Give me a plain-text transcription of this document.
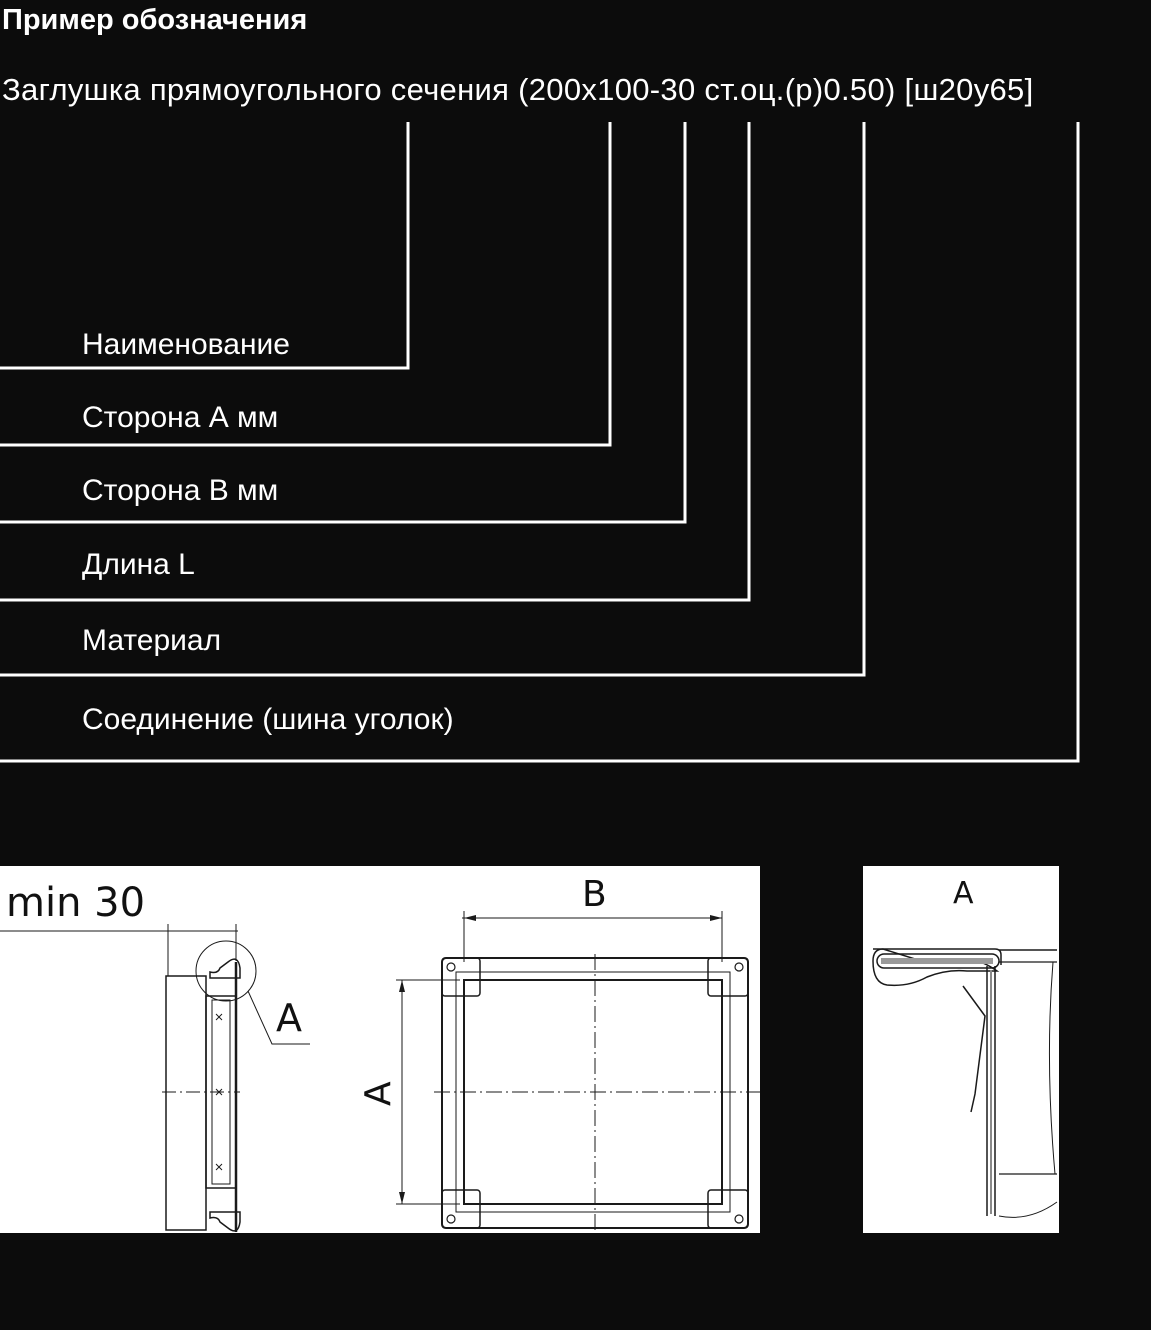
Пример обозначения
Заглушка прямоугольного сечения (200x100-30 ст.оц.(р)0.50) [ш20у65]
Наименование
Сторона А мм
Сторона В мм
Длина L
Материал
Соединение (шина уголок)
min 30
A
B
A
A
